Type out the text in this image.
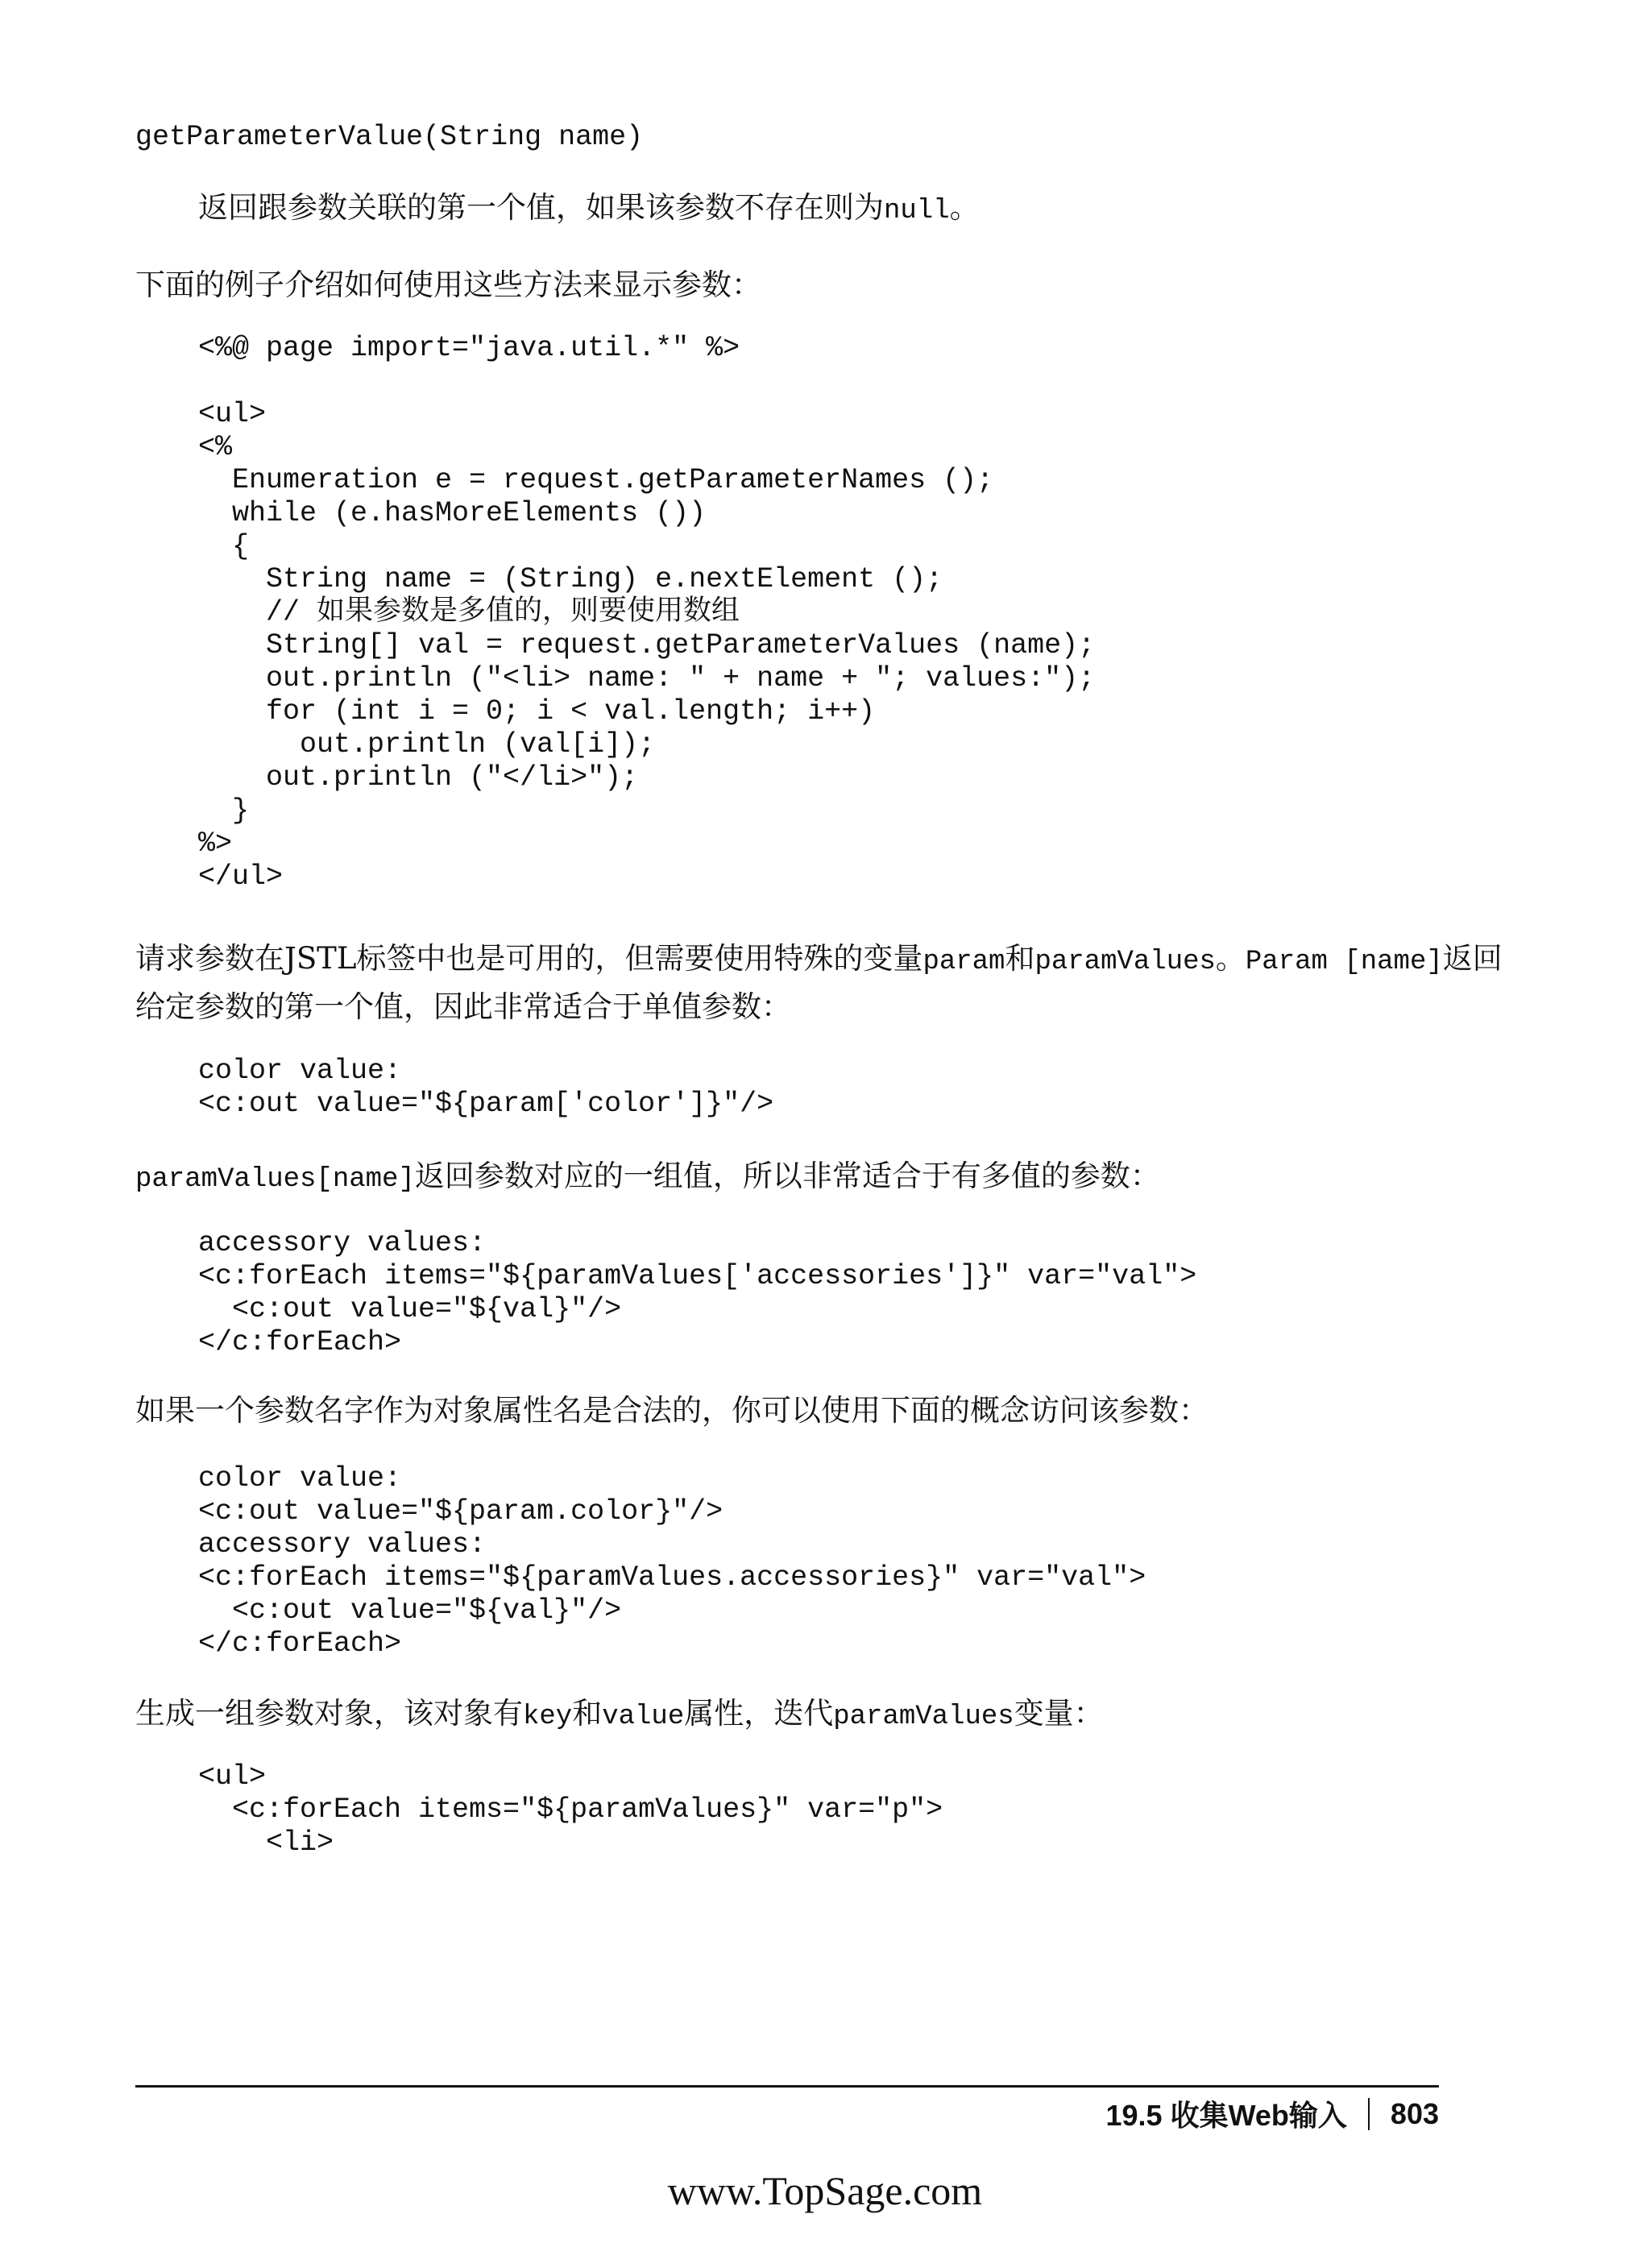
getParameterValue(String name)

返回跟参数关联的第一个值，如果该参数不存在则为null。

下面的例子介绍如何使用这些方法来显示参数：

<%@ page import="java.util.*" %>

<ul>
<%
Enumeration e = request.getParameterNames ();
while (e.hasMoreElements ())
{
String name = (String) e.nextElement ();
// 如果参数是多值的，则要使用数组
String[] val = request.getParameterValues (name);
out.println ("<li> name: " + name + "; values:");
for (int i = 0; i < val.length; i++)
out.println (val[i]);
out.println ("</li>");
}
%>
</ul>

请求参数在JSTL标签中也是可用的，但需要使用特殊的变量param和paramValues。Param [name]返回给定参数的第一个值，因此非常适合于单值参数：

color value:
<c:out value="${param['color']}"/>

paramValues[name]返回参数对应的一组值，所以非常适合于有多值的参数：

accessory values:
<c:forEach items="${paramValues['accessories']}" var="val">
<c:out value="${val}"/>
</c:forEach>

如果一个参数名字作为对象属性名是合法的，你可以使用下面的概念访问该参数：

color value:
<c:out value="${param.color}"/>
accessory values:
<c:forEach items="${paramValues.accessories}" var="val">
<c:out value="${val}"/>
</c:forEach>

生成一组参数对象，该对象有key和value属性，迭代paramValues变量：

<ul>
<c:forEach items="${paramValues}" var="p">
<li>
19.5 收集Web输入 803
www.TopSage.com
